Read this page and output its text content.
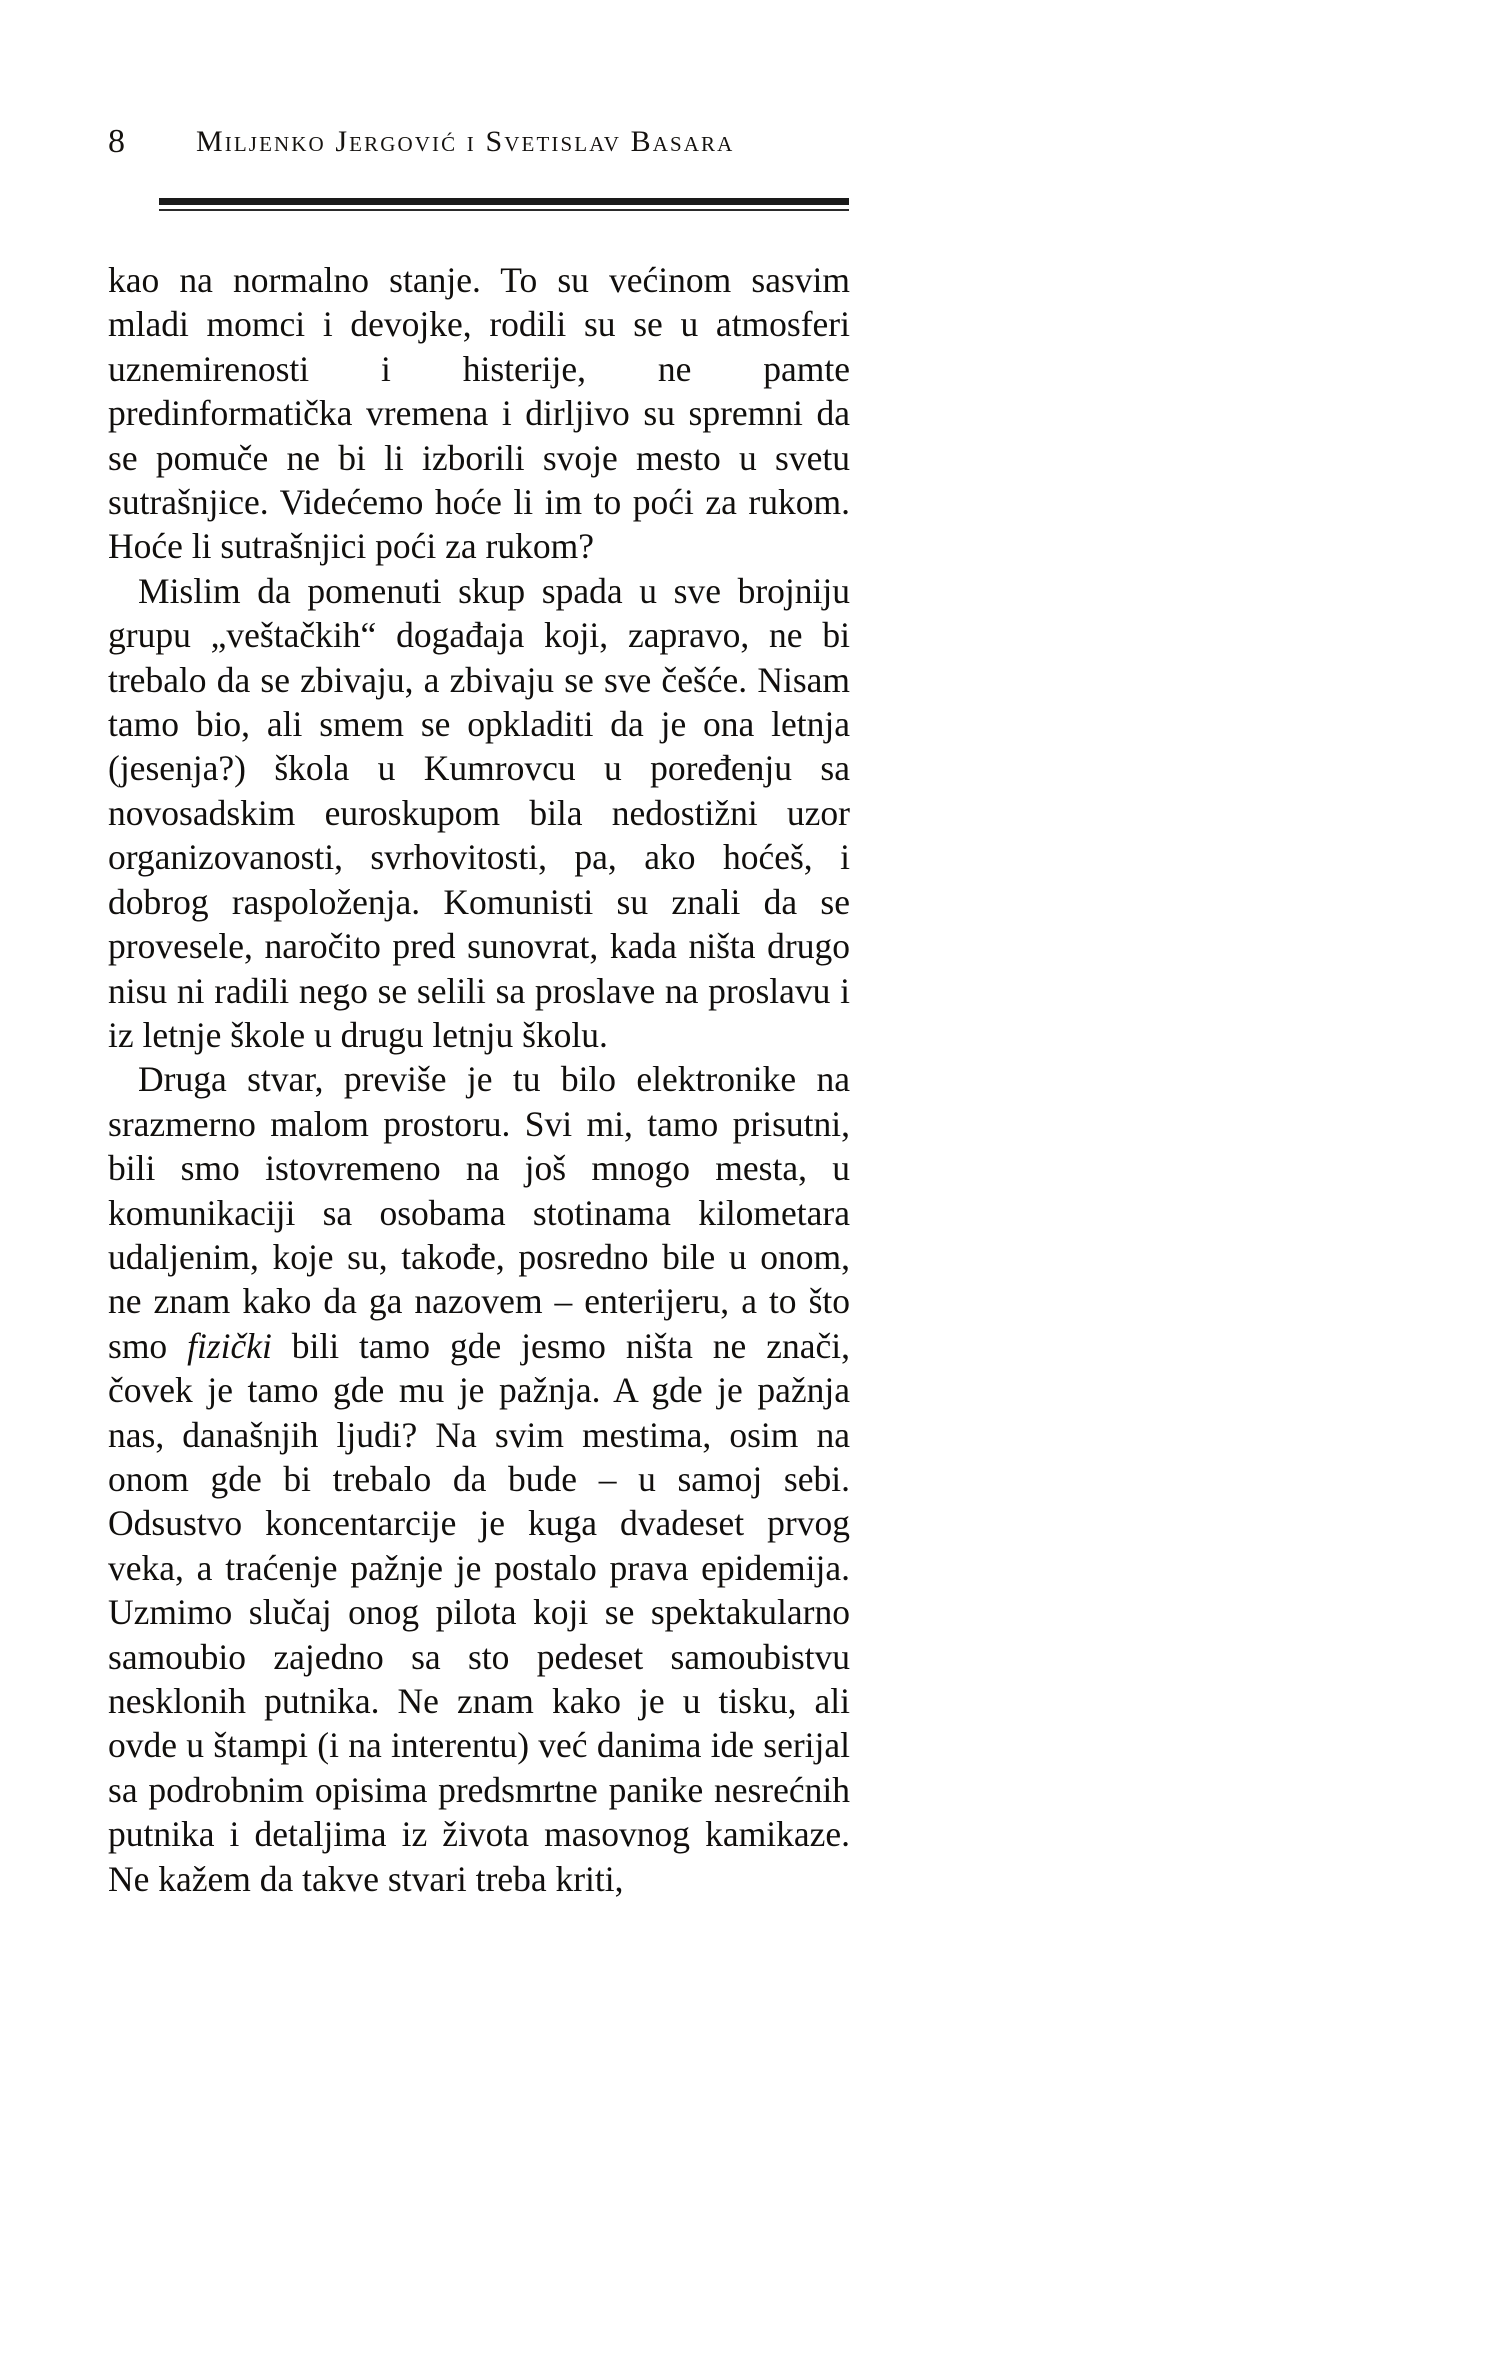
8 Miljenko Jergović i Svetislav Basara

kao na normalno stanje. To su većinom sasvim mladi momci i devojke, rodili su se u atmosferi uznemirenosti i histerije, ne pamte predinformatička vremena i dirljivo su spremni da se pomuče ne bi li izborili svoje mesto u svetu sutrašnjice. Videćemo hoće li im to poći za rukom. Hoće li sutrašnjici poći za rukom?

Mislim da pomenuti skup spada u sve brojniju grupu „veštačkih“ događaja koji, zapravo, ne bi trebalo da se zbivaju, a zbivaju se sve češće. Nisam tamo bio, ali smem se opkladiti da je ona letnja (jesenja?) škola u Kumrovcu u poređenju sa novosadskim euroskupom bila nedostižni uzor organizovanosti, svrhovitosti, pa, ako hoćeš, i dobrog raspoloženja. Komunisti su znali da se provesele, naročito pred sunovrat, kada ništa drugo nisu ni radili nego se selili sa proslave na proslavu i iz letnje škole u drugu letnju školu.

Druga stvar, previše je tu bilo elektronike na srazmerno malom prostoru. Svi mi, tamo prisutni, bili smo istovremeno na još mnogo mesta, u komunikaciji sa osobama stotinama kilometara udaljenim, koje su, takođe, posredno bile u onom, ne znam kako da ga nazovem – enterijeru, a to što smo fizički bili tamo gde jesmo ništa ne znači, čovek je tamo gde mu je pažnja. A gde je pažnja nas, današnjih ljudi? Na svim mestima, osim na onom gde bi trebalo da bude – u samoj sebi. Odsustvo koncentarcije je kuga dvadeset prvog veka, a traćenje pažnje je postalo prava epidemija. Uzmimo slučaj onog pilota koji se spektakularno samoubio zajedno sa sto pedeset samoubistvu nesklonih putnika. Ne znam kako je u tisku, ali ovde u štampi (i na interentu) već danima ide serijal sa podrobnim opisima predsmrtne panike nesrećnih putnika i detaljima iz života masovnog kamikaze. Ne kažem da takve stvari treba kriti,
